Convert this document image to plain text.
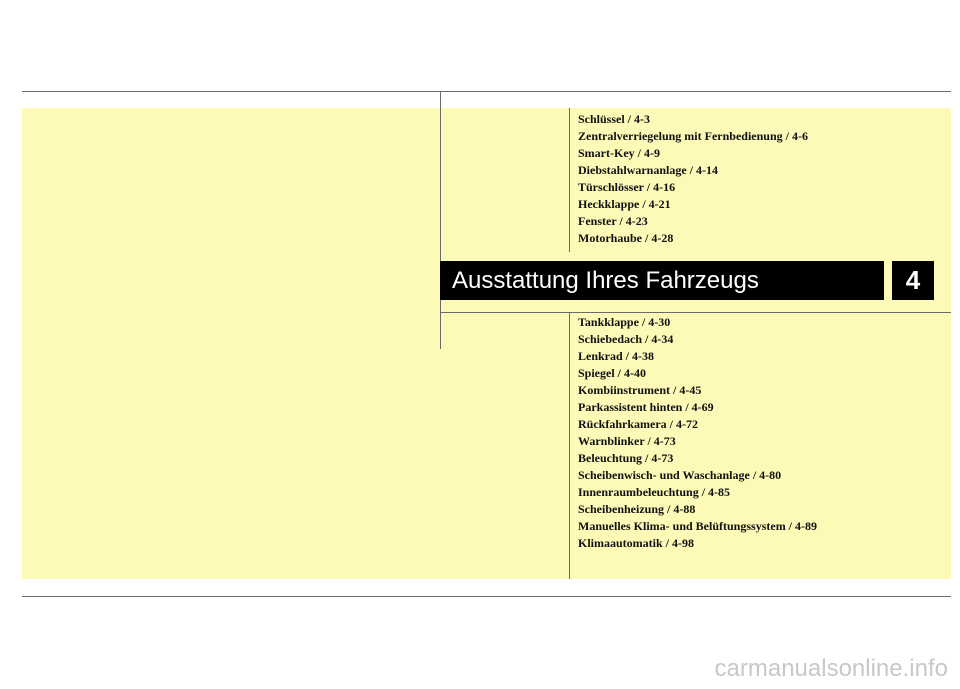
Schlüssel / 4-3
Zentralverriegelung mit Fernbedienung / 4-6
Smart-Key / 4-9
Diebstahlwarnanlage / 4-14
Türschlösser / 4-16
Heckklappe / 4-21
Fenster / 4-23
Motorhaube / 4-28
Ausstattung Ihres Fahrzeugs	4
Tankklappe / 4-30
Schiebedach / 4-34
Lenkrad / 4-38
Spiegel / 4-40
Kombiinstrument / 4-45
Parkassistent hinten / 4-69
Rückfahrkamera / 4-72
Warnblinker / 4-73
Beleuchtung / 4-73
Scheibenwisch- und Waschanlage / 4-80
Innenraumbeleuchtung / 4-85
Scheibenheizung / 4-88
Manuelles Klima- und Belüftungssystem / 4-89
Klimaautomatik / 4-98
carmanualsonline.info
